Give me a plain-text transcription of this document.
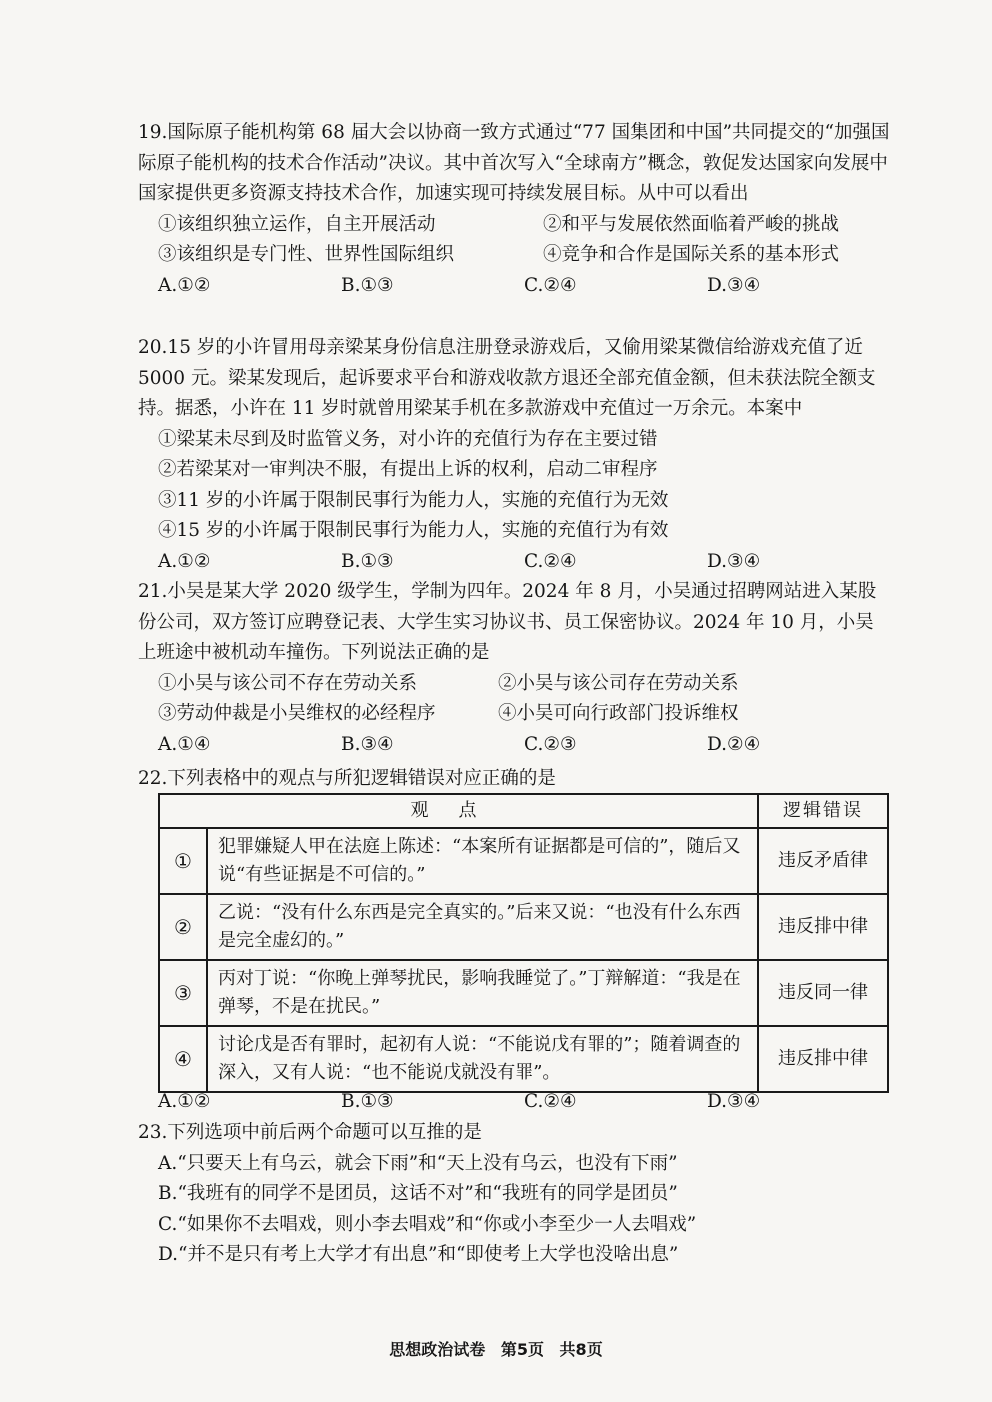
19.国际原子能机构第 68 届大会以协商一致方式通过“77 国集团和中国”共同提交的“加强国际原子能机构的技术合作活动”决议。其中首次写入“全球南方”概念，敦促发达国家向发展中国家提供更多资源支持技术合作，加速实现可持续发展目标。从中可以看出
①该组织独立运作，自主开展活动	②和平与发展依然面临着严峻的挑战
③该组织是专门性、世界性国际组织	④竞争和合作是国际关系的基本形式
A.①②	B.①③	C.②④	D.③④
20.15 岁的小许冒用母亲梁某身份信息注册登录游戏后，又偷用梁某微信给游戏充值了近 5000 元。梁某发现后，起诉要求平台和游戏收款方退还全部充值金额，但未获法院全额支持。据悉，小许在 11 岁时就曾用梁某手机在多款游戏中充值过一万余元。本案中
①梁某未尽到及时监管义务，对小许的充值行为存在主要过错
②若梁某对一审判决不服，有提出上诉的权利，启动二审程序
③11 岁的小许属于限制民事行为能力人，实施的充值行为无效
④15 岁的小许属于限制民事行为能力人，实施的充值行为有效
A.①②	B.①③	C.②④	D.③④
21.小吴是某大学 2020 级学生，学制为四年。2024 年 8 月，小吴通过招聘网站进入某股份公司，双方签订应聘登记表、大学生实习协议书、员工保密协议。2024 年 10 月，小吴上班途中被机动车撞伤。下列说法正确的是
①小吴与该公司不存在劳动关系	②小吴与该公司存在劳动关系
③劳动仲裁是小吴维权的必经程序	④小吴可向行政部门投诉维权
A.①④	B.③④	C.②③	D.②④
22.下列表格中的观点与所犯逻辑错误对应正确的是
观点		逻辑错误
①	犯罪嫌疑人甲在法庭上陈述：“本案所有证据都是可信的”，随后又说“有些证据是不可信的。”	违反矛盾律
②	乙说：“没有什么东西是完全真实的。”后来又说：“也没有什么东西是完全虚幻的。”	违反排中律
③	丙对丁说：“你晚上弹琴扰民，影响我睡觉了。”丁辩解道：“我是在弹琴，不是在扰民。”	违反同一律
④	讨论戊是否有罪时，起初有人说：“不能说戊有罪的”；随着调查的深入，又有人说：“也不能说戊就没有罪”。	违反排中律
A.①②	B.①③	C.②④	D.③④
23.下列选项中前后两个命题可以互推的是
A.“只要天上有乌云，就会下雨”和“天上没有乌云，也没有下雨”
B.“我班有的同学不是团员，这话不对”和“我班有的同学是团员”
C.“如果你不去唱戏，则小李去唱戏”和“你或小李至少一人去唱戏”
D.“并不是只有考上大学才有出息”和“即使考上大学也没啥出息”
思想政治试卷 第5页 共8页
